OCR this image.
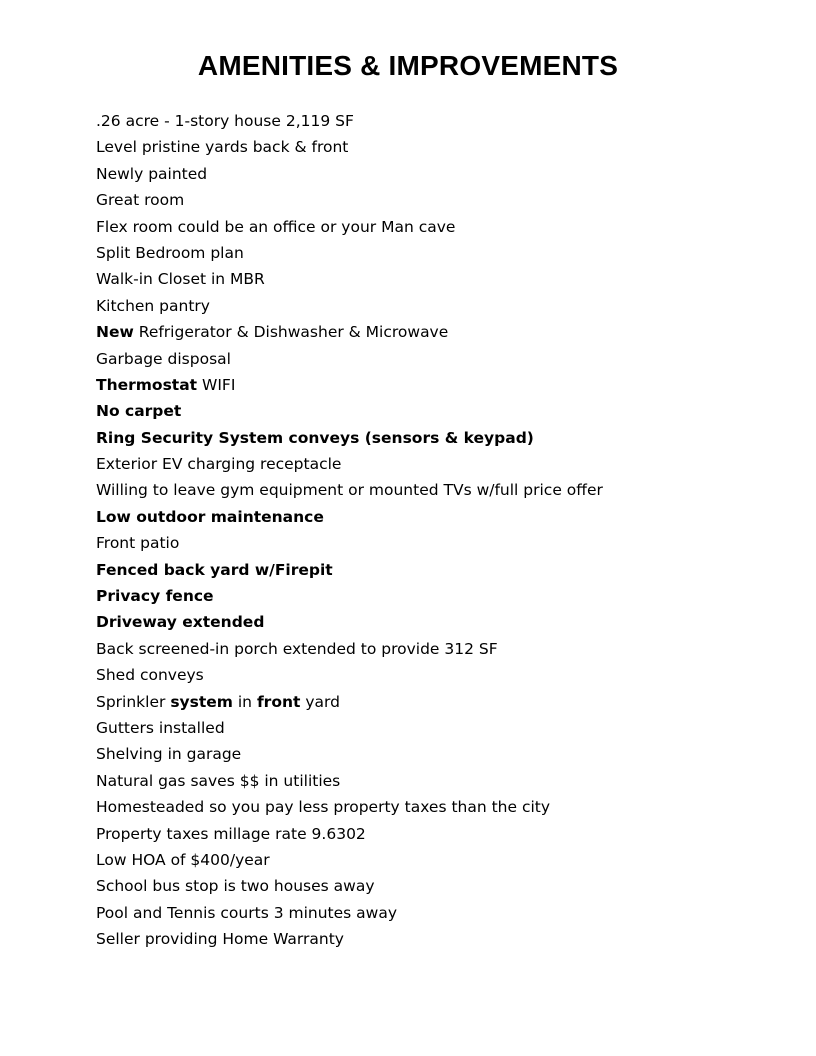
AMENITIES & IMPROVEMENTS
.26 acre - 1-story house 2,119 SF
Level pristine yards back & front
Newly painted
Great room
Flex room could be an office or your Man cave
Split Bedroom plan
Walk-in Closet in MBR
Kitchen pantry
New Refrigerator & Dishwasher & Microwave
Garbage disposal
Thermostat WIFI
No carpet
Ring Security System conveys (sensors & keypad)
Exterior EV charging receptacle
Willing to leave gym equipment or mounted TVs w/full price offer
Low outdoor maintenance
Front patio
Fenced back yard w/Firepit
Privacy fence
Driveway extended
Back screened-in porch extended to provide 312 SF
Shed conveys
Sprinkler system in front yard
Gutters installed
Shelving in garage
Natural gas saves $$ in utilities
Homesteaded so you pay less property taxes than the city
Property taxes millage rate 9.6302
Low HOA of $400/year
School bus stop is two houses away
Pool and Tennis courts 3 minutes away
Seller providing Home Warranty
